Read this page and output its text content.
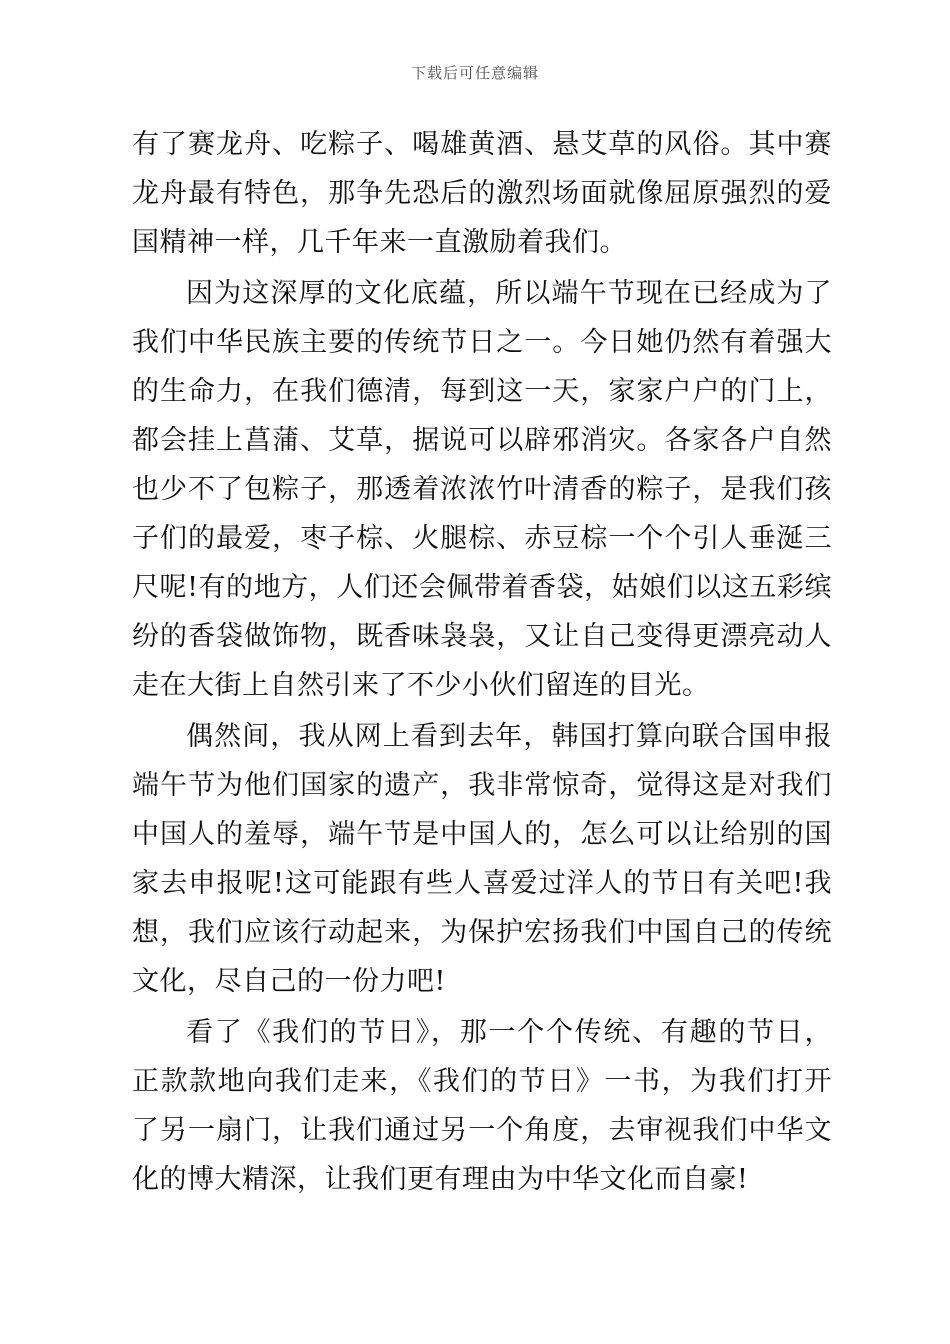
下载后可任意编辑

有了赛龙舟、吃粽子、喝雄黄酒、悬艾草的风俗。其中赛龙舟最有特色，那争先恐后的激烈场面就像屈原强烈的爱国精神一样，几千年来一直激励着我们。

因为这深厚的文化底蕴，所以端午节现在已经成为了我们中华民族主要的传统节日之一。今日她仍然有着强大的生命力，在我们德清，每到这一天，家家户户的门上，都会挂上菖蒲、艾草，据说可以辟邪消灾。各家各户自然也少不了包粽子，那透着浓浓竹叶清香的粽子，是我们孩子们的最爱，枣子棕、火腿棕、赤豆棕一个个引人垂涎三尺呢!有的地方，人们还会佩带着香袋，姑娘们以这五彩缤纷的香袋做饰物，既香味袅袅，又让自己变得更漂亮动人走在大街上自然引来了不少小伙们留连的目光。

偶然间，我从网上看到去年，韩国打算向联合国申报端午节为他们国家的遗产，我非常惊奇，觉得这是对我们中国人的羞辱，端午节是中国人的，怎么可以让给别的国家去申报呢!这可能跟有些人喜爱过洋人的节日有关吧!我想，我们应该行动起来，为保护宏扬我们中国自己的传统文化，尽自己的一份力吧!

看了《我们的节日》，那一个个传统、有趣的节日，正款款地向我们走来，《我们的节日》一书，为我们打开了另一扇门，让我们通过另一个角度，去审视我们中华文化的博大精深，让我们更有理由为中华文化而自豪!
